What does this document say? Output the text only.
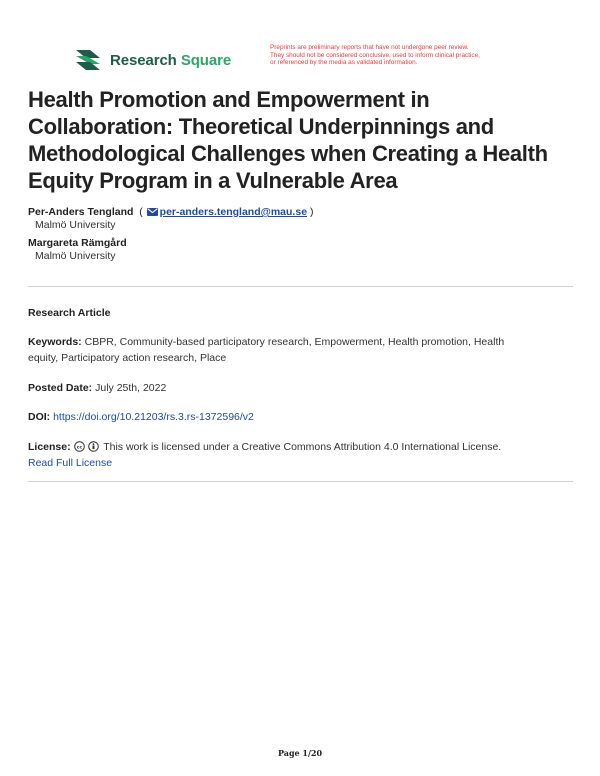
Research Square
Preprints are preliminary reports that have not undergone peer review.
They should not be considered conclusive, used to inform clinical practice,
or referenced by the media as validated information.
Health Promotion and Empowerment in
Collaboration: Theoretical Underpinnings and
Methodological Challenges when Creating a Health
Equity Program in a Vulnerable Area
Per-Anders Tengland  ( per-anders.tengland@mau.se )
Malmö University
Margareta Rämgård
Malmö University
Research Article
Keywords: CBPR, Community-based participatory research, Empowerment, Health promotion, Health
equity, Participatory action research, Place
Posted Date: July 25th, 2022
DOI: https://doi.org/10.21203/rs.3.rs-1372596/v2
License: cc This work is licensed under a Creative Commons Attribution 4.0 International License.
Read Full License
Page 1/20
